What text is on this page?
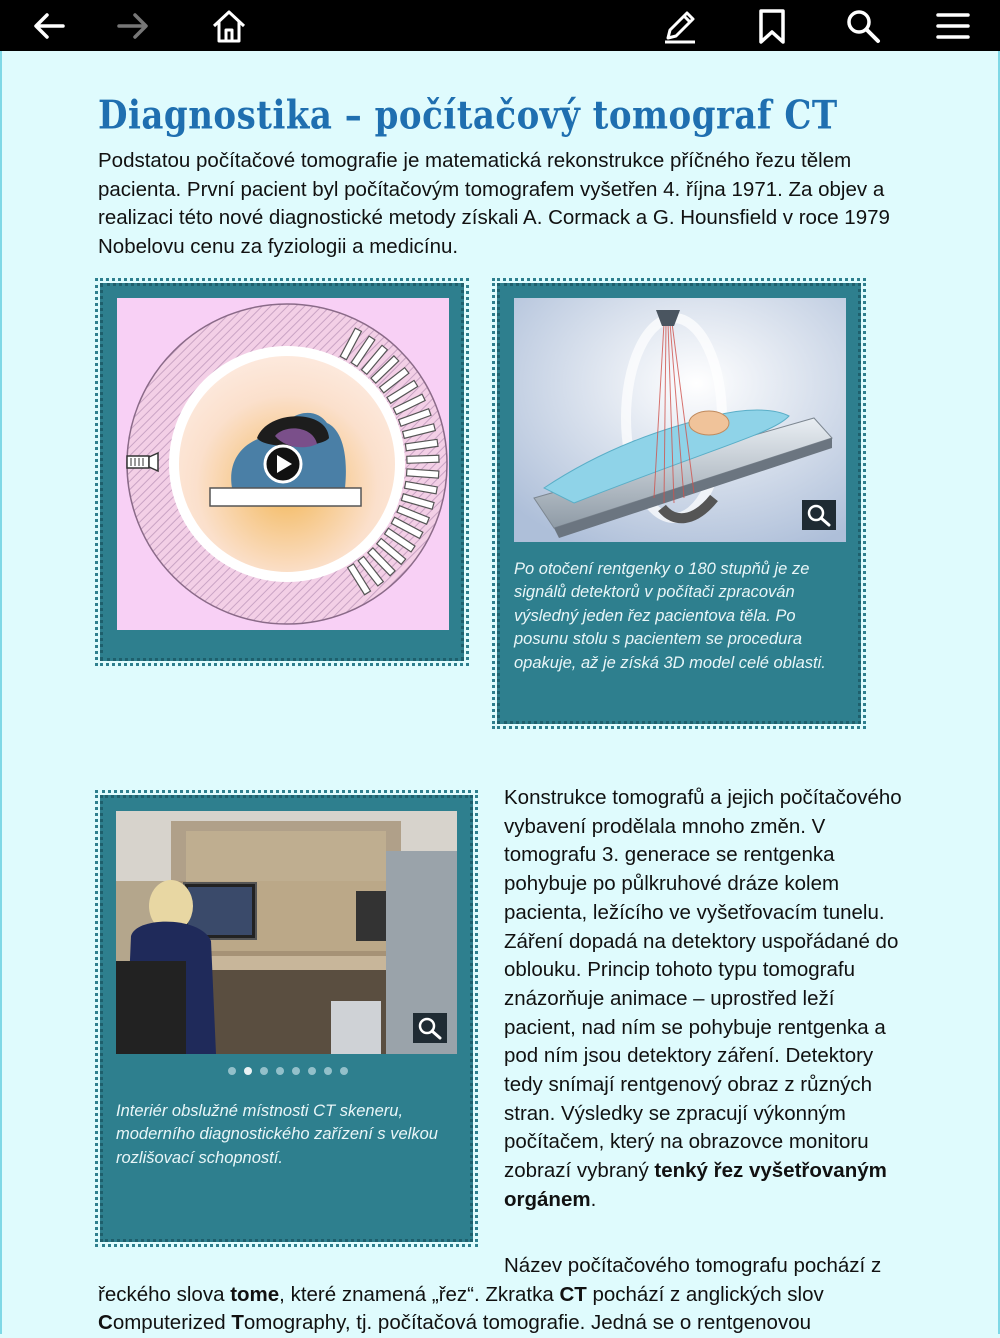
Diagnostika – počítačový tomograf CT

Podstatou počítačové tomografie je matematická rekonstrukce příčného řezu tělem pacienta. První pacient byl počítačovým tomografem vyšetřen 4. října 1971. Za objev a realizaci této nové diagnostické metody získali A. Cormack a G. Hounsfield v roce 1979 Nobelovu cenu za fyziologii a medicínu.

Po otočení rentgenky o 180 stupňů je ze signálů detektorů v počítači zpracován výsledný jeden řez pacientova těla. Po posunu stolu s pacientem se procedura opakuje, až je získá 3D model celé oblasti.

Interiér obslužné místnosti CT skeneru, moderního diagnostického zařízení s velkou rozlišovací schopností.

Konstrukce tomografů a jejich počítačového vybavení prodělala mnoho změn. V tomografu 3. generace se rentgenka pohybuje po půlkruhové dráze kolem pacienta, ležícího ve vyšetřovacím tunelu. Záření dopadá na detektory uspořádané do oblouku. Princip tohoto typu tomografu znázorňuje animace – uprostřed leží pacient, nad ním se pohybuje rentgenka a pod ním jsou detektory záření. Detektory tedy snímají rentgenový obraz z různých stran. Výsledky se zpracují výkonným počítačem, který na obrazovce monitoru zobrazí vybraný tenký řez vyšetřovaným orgánem.

Název počítačového tomografu pochází z řeckého slova tome, které znamená „řez“. Zkratka CT pochází z anglických slov Computerized Tomography, tj. počítačová tomografie. Jedná se o rentgenovou
